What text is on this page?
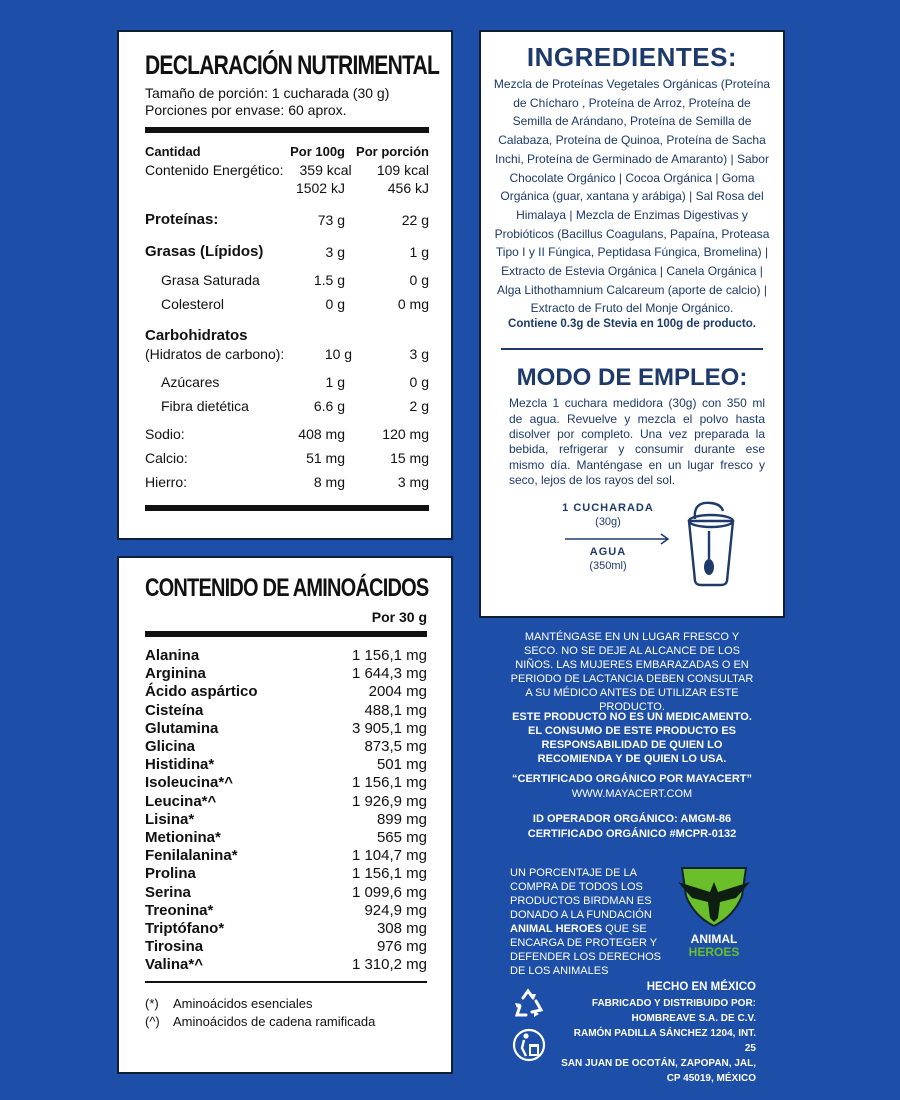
DECLARACIÓN NUTRIMENTAL
Tamaño de porción: 1 cucharada (30 g)
Porciones por envase: 60 aprox.
Cantidad	Por 100g Por porción
Contenido Energético:	359 kcal	109 kcal
1502 kJ	456 kJ
Proteínas:	73 g	22 g
Grasas (Lípidos)	3 g	1 g
Grasa Saturada	1.5 g	0 g
Colesterol	0 g	0 mg
Carbohidratos
(Hidratos de carbono):	10 g	3 g
Azúcares	1 g	0 g
Fibra dietética	6.6 g	2 g
Sodio:	408 mg	120 mg
Calcio:	51 mg	15 mg
Hierro:	8 mg	3 mg
CONTENIDO DE AMINOÁCIDOS
Por 30 g
Alanina	1 156,1 mg
Arginina	1 644,3 mg
Ácido aspártico	2004 mg
Cisteína	488,1 mg
Glutamina	3 905,1 mg
Glicina	873,5 mg
Histidina*	501 mg
Isoleucina*^	1 156,1 mg
Leucina*^	1 926,9 mg
Lisina*	899 mg
Metionina*	565 mg
Fenilalanina*	1 104,7 mg
Prolina	1 156,1 mg
Serina	1 099,6 mg
Treonina*	924,9 mg
Triptófano*	308 mg
Tirosina	976 mg
Valina*^	1 310,2 mg
(*)	Aminoácidos esenciales
(^)	Aminoácidos de cadena ramificada
INGREDIENTES:
Mezcla de Proteínas Vegetales Orgánicas (Proteína de Chícharo , Proteína de Arroz, Proteína de Semilla de Arándano, Proteína de Semilla de Calabaza, Proteína de Quinoa, Proteína de Sacha Inchi, Proteína de Germinado de Amaranto) | Sabor Chocolate Orgánico | Cocoa Orgánica | Goma Orgánica (guar, xantana y arábiga) | Sal Rosa del Himalaya | Mezcla de Enzimas Digestivas y Probióticos (Bacillus Coagulans, Papaína, Proteasa Tipo I y II Fúngica, Peptidasa Fúngica, Bromelina) | Extracto de Estevia Orgánica | Canela Orgánica | Alga Lithothamnium Calcareum (aporte de calcio) | Extracto de Fruto del Monje Orgánico.
Contiene 0.3g de Stevia en 100g de producto.
MODO DE EMPLEO:
Mezcla 1 cuchara medidora (30g) con 350 ml de agua. Revuelve y mezcla el polvo hasta disolver por completo. Una vez preparada la bebida, refrigerar y consumir durante ese mismo día. Manténgase en un lugar fresco y seco, lejos de los rayos del sol.
1 CUCHARADA
(30g)
AGUA
(350ml)
MANTÉNGASE EN UN LUGAR FRESCO Y SECO. NO SE DEJE AL ALCANCE DE LOS NIÑOS. LAS MUJERES EMBARAZADAS O EN PERIODO DE LACTANCIA DEBEN CONSULTAR A SU MÉDICO ANTES DE UTILIZAR ESTE PRODUCTO.
ESTE PRODUCTO NO ES UN MEDICAMENTO. EL CONSUMO DE ESTE PRODUCTO ES RESPONSABILIDAD DE QUIEN LO RECOMIENDA Y DE QUIEN LO USA.
“CERTIFICADO ORGÁNICO POR MAYACERT”
WWW.MAYACERT.COM
ID OPERADOR ORGÁNICO: AMGM-86
CERTIFICADO ORGÁNICO #MCPR-0132
UN PORCENTAJE DE LA COMPRA DE TODOS LOS PRODUCTOS BIRDMAN ES DONADO A LA FUNDACIÓN ANIMAL HEROES QUE SE ENCARGA DE PROTEGER Y DEFENDER LOS DERECHOS DE LOS ANIMALES
ANIMAL
HEROES
HECHO EN MÉXICO
FABRICADO Y DISTRIBUIDO POR:
HOMBREAVE S.A. DE C.V.
RAMÓN PADILLA SÁNCHEZ 1204, INT. 25
SAN JUAN DE OCOTÁN, ZAPOPAN, JAL,
CP 45019, MÉXICO
